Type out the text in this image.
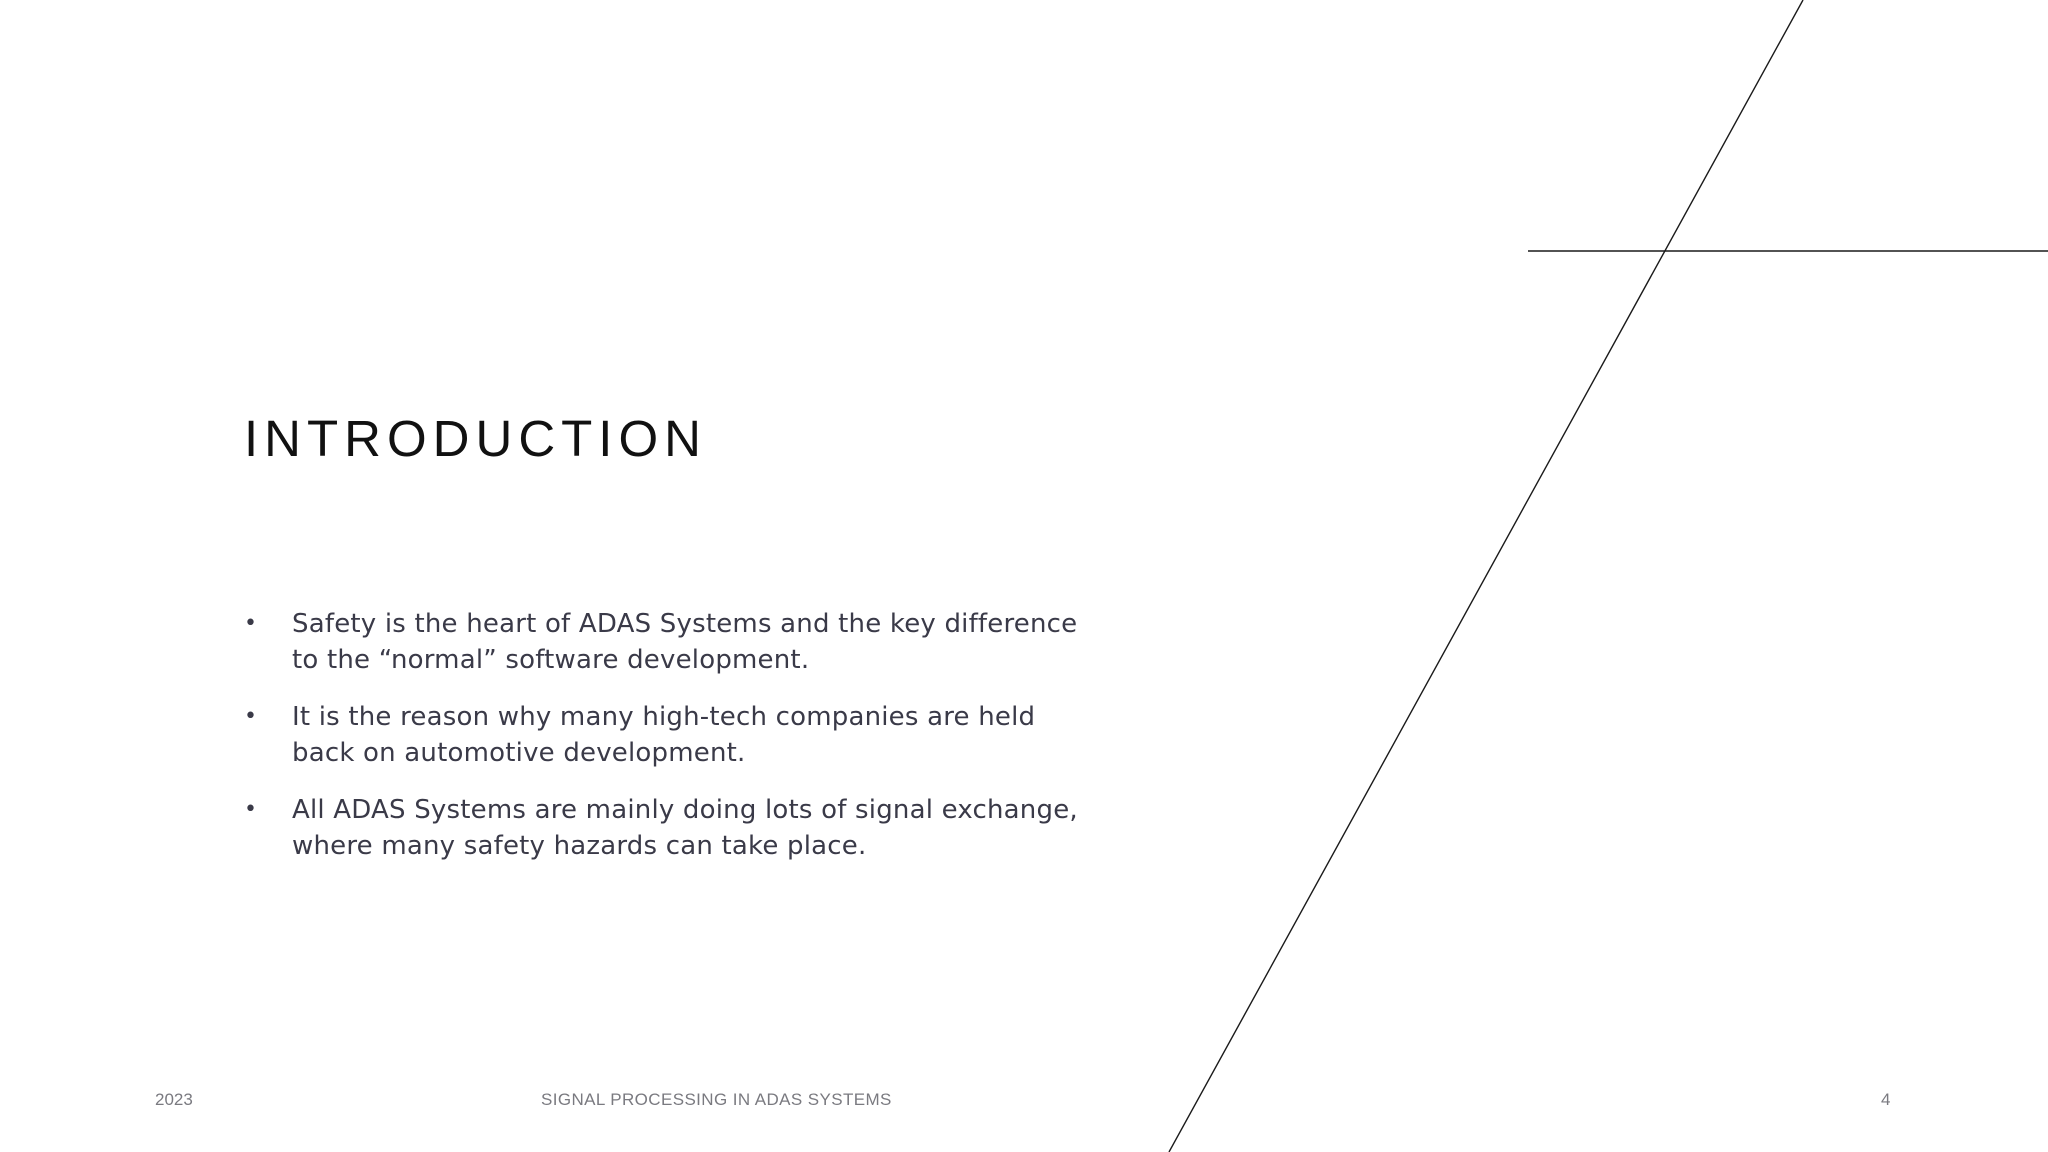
INTRODUCTION
• Safety is the heart of ADAS Systems and the key difference to the “normal” software development.
• It is the reason why many high-tech companies are held back on automotive development.
• All ADAS Systems are mainly doing lots of signal exchange, where many safety hazards can take place.
2023	SIGNAL PROCESSING IN ADAS SYSTEMS	4
